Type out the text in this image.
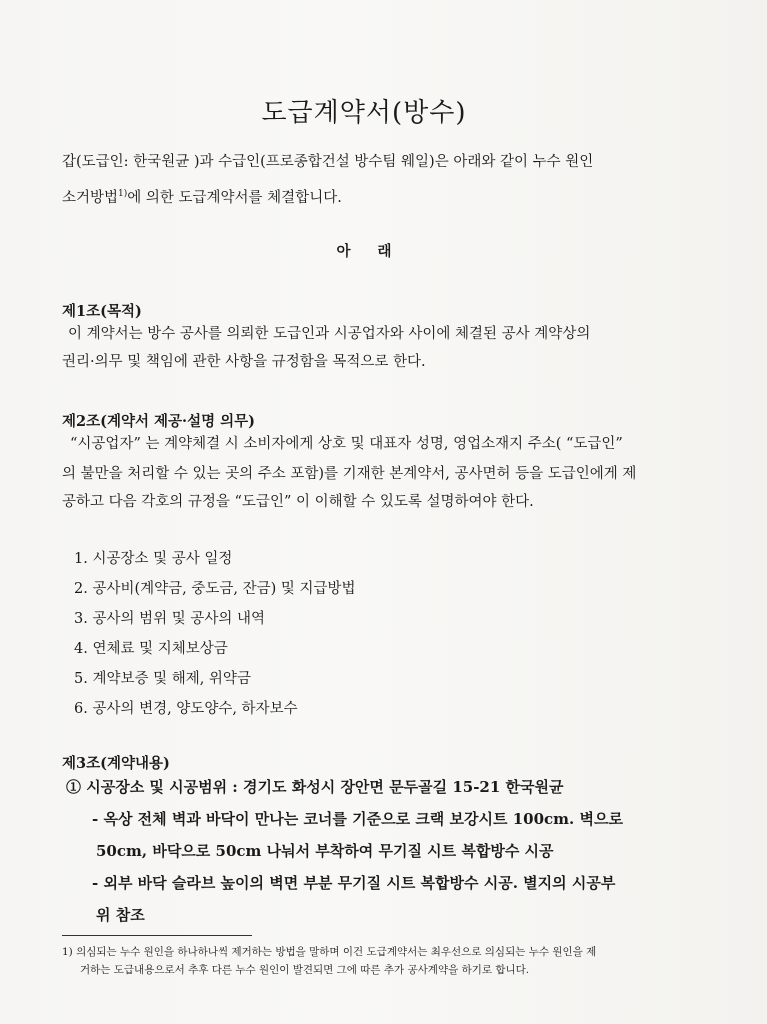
도급계약서(방수)
갑(도급인: 한국원균 )과 수급인(프로종합건설 방수팀 웨일)은 아래와 같이 누수 원인
소거방법$^{1)}$에 의한 도급계약서를 체결합니다.
아 래
제1조(목적)
이 계약서는 방수 공사를 의뢰한 도급인과 시공업자와 사이에 체결된 공사 계약상의
권리·의무 및 책임에 관한 사항을 규정함을 목적으로 한다.
제2조(계약서 제공·설명 의무)
“시공업자” 는 계약체결 시 소비자에게 상호 및 대표자 성명, 영업소재지 주소( “도급인”
의 불만을 처리할 수 있는 곳의 주소 포함)를 기재한 본계약서, 공사면허 등을 도급인에게 제
공하고 다음 각호의 규정을 “도급인” 이 이해할 수 있도록 설명하여야 한다.
1. 시공장소 및 공사 일정
2. 공사비(계약금, 중도금, 잔금) 및 지급방법
3. 공사의 범위 및 공사의 내역
4. 연체료 및 지체보상금
5. 계약보증 및 해제, 위약금
6. 공사의 변경, 양도양수, 하자보수
제3조(계약내용)
① 시공장소 및 시공범위 : 경기도 화성시 장안면 문두골길 15-21 한국원균
- 옥상 전체 벽과 바닥이 만나는 코너를 기준으로 크랙 보강시트 100cm. 벽으로
50cm, 바닥으로 50cm 나눠서 부착하여 무기질 시트 복합방수 시공
- 외부 바닥 슬라브 높이의 벽면 부분 무기질 시트 복합방수 시공. 별지의 시공부
위 참조
1) 의심되는 누수 원인을 하나하나씩 제거하는 방법을 말하며 이건 도급계약서는 최우선으로 의심되는 누수 원인을 제
거하는 도급내용으로서 추후 다른 누수 원인이 발견되면 그에 따른 추가 공사계약을 하기로 합니다.
